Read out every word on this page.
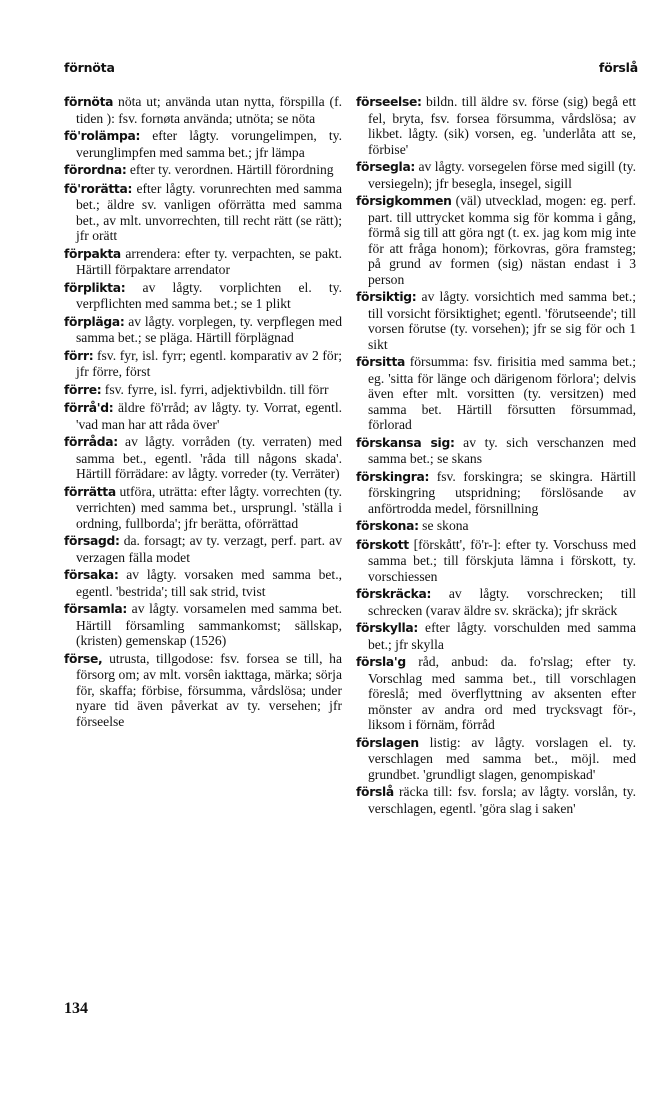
förnöta	förslå

förnöta nöta ut; använda utan nytta, förspilla (f. tiden ): fsv. fornøta använda; utnöta; se nöta

fö'rolämpa: efter lågty. vorungelimpen, ty. verunglimpfen med samma bet.; jfr lämpa

förordna: efter ty. verordnen. Härtill förordning

fö'rorätta: efter lågty. vorunrechten med samma bet.; äldre sv. vanligen oförrätta med samma bet., av mlt. unvorrechten, till recht rätt (se rätt); jfr orätt

förpakta arrendera: efter ty. verpachten, se pakt. Härtill förpaktare arrendator

förplikta: av lågty. vorplichten el. ty. verpflichten med samma bet.; se 1 plikt

förpläga: av lågty. vorplegen, ty. verpflegen med samma bet.; se pläga. Härtill förplägnad

förr: fsv. fyr, isl. fyrr; egentl. komparativ av 2 för; jfr förre, först

förre: fsv. fyrre, isl. fyrri, adjektivbildn. till förr

förrå'd: äldre fö'rråd; av lågty. ty. Vorrat, egentl. 'vad man har att råda över'

förråda: av lågty. vorråden (ty. verraten) med samma bet., egentl. 'råda till någons skada'. Härtill förrädare: av lågty. vorreder (ty. Verräter)

förrätta utföra, uträtta: efter lågty. vorrechten (ty. verrichten) med samma bet., ursprungl. 'ställa i ordning, fullborda'; jfr berätta, oförrättad

försagd: da. forsagt; av ty. verzagt, perf. part. av verzagen fälla modet

försaka: av lågty. vorsaken med samma bet., egentl. 'bestrida'; till sak strid, tvist

församla: av lågty. vorsamelen med samma bet. Härtill församling sammankomst; sällskap, (kristen) gemenskap (1526)

förse, utrusta, tillgodose: fsv. forsea se till, ha försorg om; av mlt. vorsên iakttaga, märka; sörja för, skaffa; förbise, försumma, vårdslösa; under nyare tid även påverkat av ty. versehen; jfr förseelse

förseelse: bildn. till äldre sv. förse (sig) begå ett fel, bryta, fsv. forsea försumma, vårdslösa; av likbet. lågty. (sik) vorsen, eg. 'underlåta att se, förbise'

försegla: av lågty. vorsegelen förse med sigill (ty. versiegeln); jfr besegla, insegel, sigill

försigkommen (väl) utvecklad, mogen: eg. perf. part. till uttrycket komma sig för komma i gång, förmå sig till att göra ngt (t. ex. jag kom mig inte för att fråga honom); förkovras, göra framsteg; på grund av formen (sig) nästan endast i 3 person

försiktig: av lågty. vorsichtich med samma bet.; till vorsicht försiktighet; egentl. 'förutseende'; till vorsen förutse (ty. vorsehen); jfr se sig för och 1 sikt

försitta försumma: fsv. firisitia med samma bet.; eg. 'sitta för länge och därigenom förlora'; delvis även efter mlt. vorsitten (ty. versitzen) med samma bet. Härtill försutten försummad, förlorad

förskansa sig: av ty. sich verschanzen med samma bet.; se skans

förskingra: fsv. forskingra; se skingra. Härtill förskingring utspridning; förslösande av anförtrodda medel, försnillning

förskona: se skona

förskott [förskått', fö'r-]: efter ty. Vorschuss med samma bet.; till förskjuta lämna i förskott, ty. vorschiessen

förskräcka: av lågty. vorschrecken; till schrecken (varav äldre sv. skräcka); jfr skräck

förskylla: efter lågty. vorschulden med samma bet.; jfr skylla

försla'g råd, anbud: da. fo'rslag; efter ty. Vorschlag med samma bet., till vorschlagen föreslå; med överflyttning av aksenten efter mönster av andra ord med trycksvagt för-, liksom i förnäm, förråd

förslagen listig: av lågty. vorslagen el. ty. verschlagen med samma bet., möjl. med grundbet. 'grundligt slagen, genompiskad'

förslå räcka till: fsv. forsla; av lågty. vorslån, ty. verschlagen, egentl. 'göra slag i saken'

134
